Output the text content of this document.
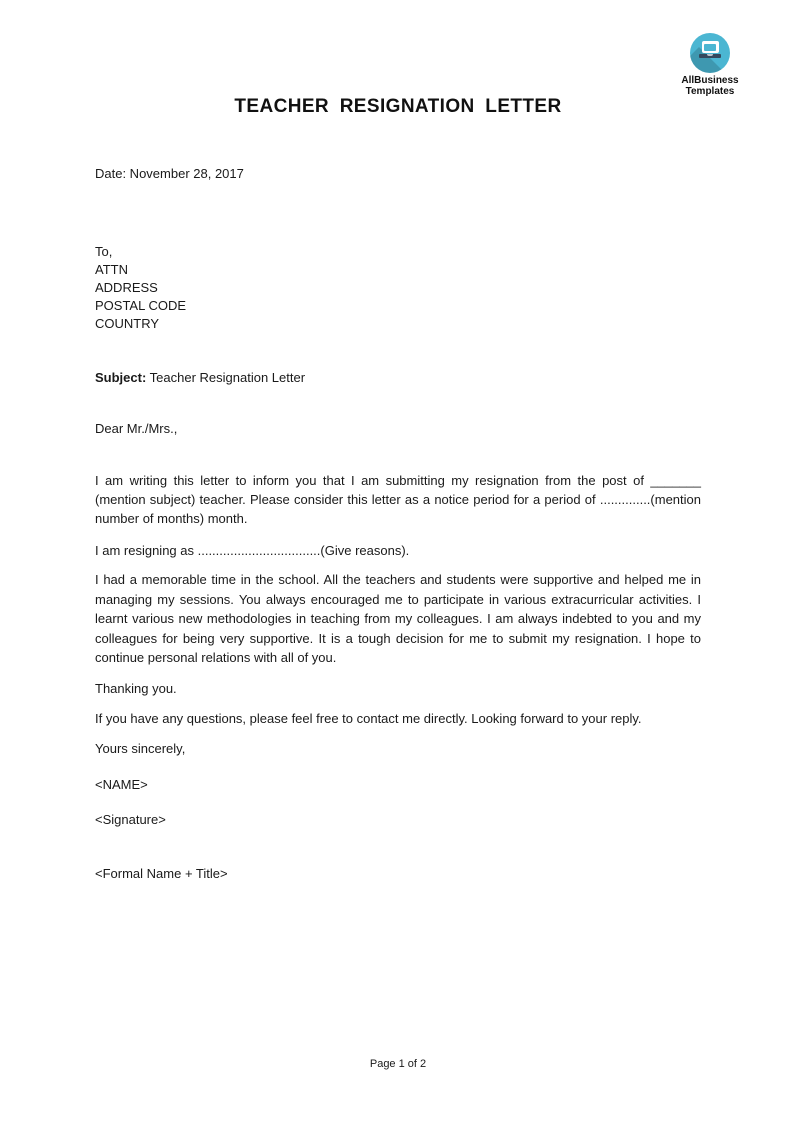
AllBusiness
Templates
TEACHER RESIGNATION LETTER
Date: November 28, 2017
To,
ATTN
ADDRESS
POSTAL CODE
COUNTRY
Subject: Teacher Resignation Letter
Dear Mr./Mrs.,
I am writing this letter to inform you that I am submitting my resignation from the post of _______ (mention subject) teacher. Please consider this letter as a notice period for a period of ..............(mention number of months) month.
I am resigning as ..................................(Give reasons).
I had a memorable time in the school. All the teachers and students were supportive and helped me in managing my sessions. You always encouraged me to participate in various extracurricular activities. I learnt various new methodologies in teaching from my colleagues. I am always indebted to you and my colleagues for being very supportive. It is a tough decision for me to submit my resignation. I hope to continue personal relations with all of you.
Thanking you.
If you have any questions, please feel free to contact me directly. Looking forward to your reply.
Yours sincerely,
<NAME>
<Signature>
<Formal Name + Title>
Page 1 of 2
